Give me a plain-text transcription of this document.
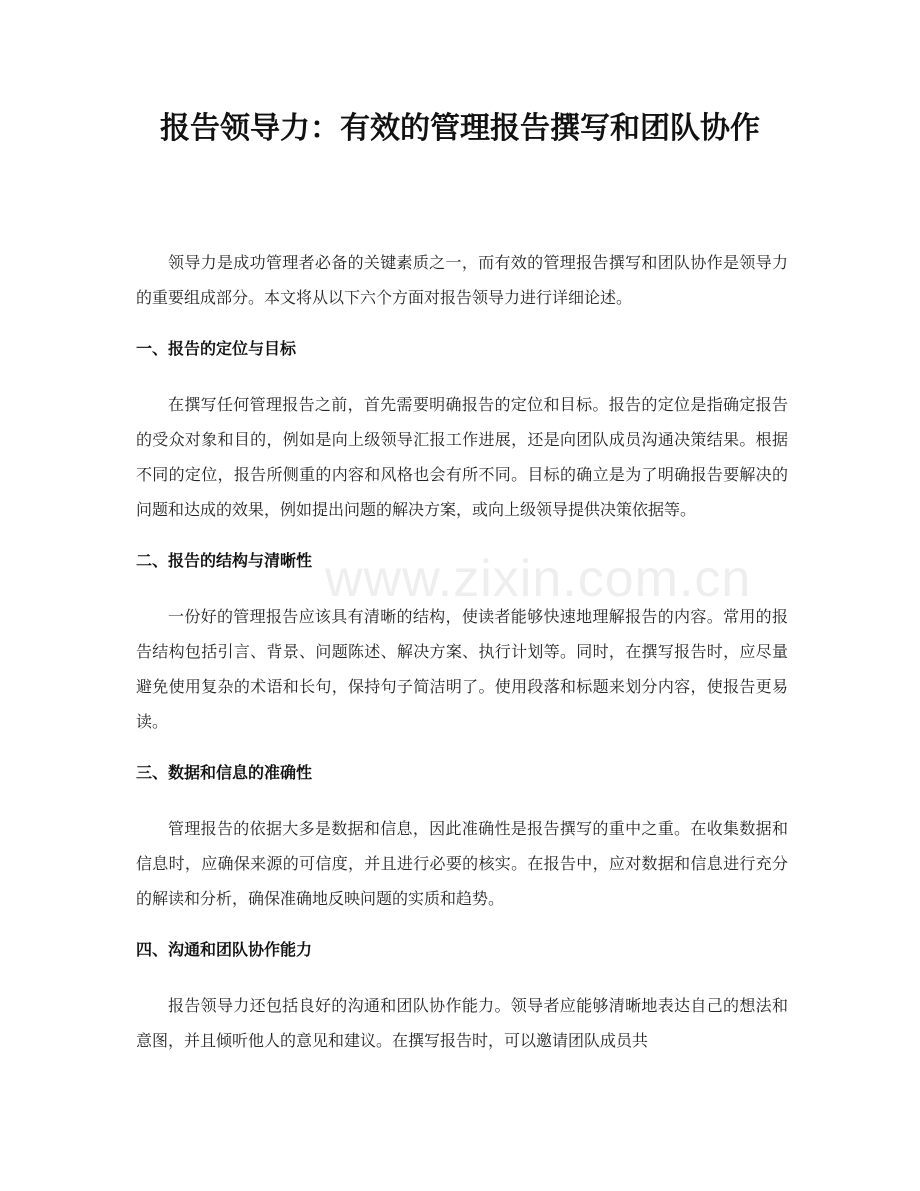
www.zixin.com.cn
报告领导力：有效的管理报告撰写和团队协作

领导力是成功管理者必备的关键素质之一，而有效的管理报告撰写和团队协作是领导力的重要组成部分。本文将从以下六个方面对报告领导力进行详细论述。

一、报告的定位与目标

在撰写任何管理报告之前，首先需要明确报告的定位和目标。报告的定位是指确定报告的受众对象和目的，例如是向上级领导汇报工作进展，还是向团队成员沟通决策结果。根据不同的定位，报告所侧重的内容和风格也会有所不同。目标的确立是为了明确报告要解决的问题和达成的效果，例如提出问题的解决方案，或向上级领导提供决策依据等。

二、报告的结构与清晰性

一份好的管理报告应该具有清晰的结构，使读者能够快速地理解报告的内容。常用的报告结构包括引言、背景、问题陈述、解决方案、执行计划等。同时，在撰写报告时，应尽量避免使用复杂的术语和长句，保持句子简洁明了。使用段落和标题来划分内容，使报告更易读。

三、数据和信息的准确性

管理报告的依据大多是数据和信息，因此准确性是报告撰写的重中之重。在收集数据和信息时，应确保来源的可信度，并且进行必要的核实。在报告中，应对数据和信息进行充分的解读和分析，确保准确地反映问题的实质和趋势。

四、沟通和团队协作能力

报告领导力还包括良好的沟通和团队协作能力。领导者应能够清晰地表达自己的想法和意图，并且倾听他人的意见和建议。在撰写报告时，可以邀请团队成员共
